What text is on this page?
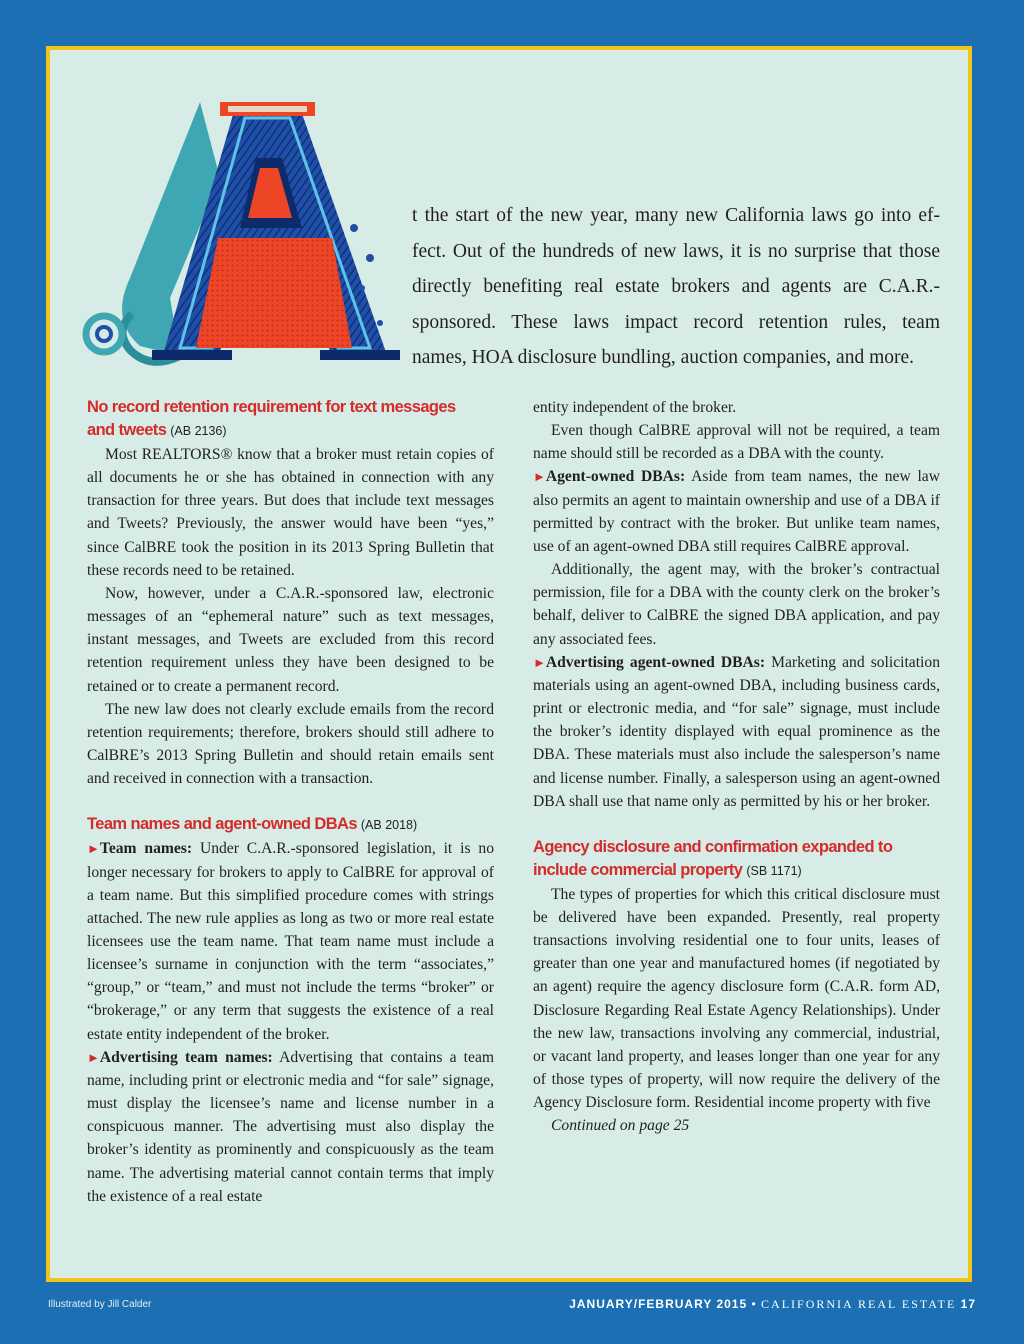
t the start of the new year, many new California laws go into ef-

fect. Out of the hundreds of new laws, it is no surprise that those

directly benefiting real estate brokers and agents are C.A.R.-

sponsored. These laws impact record retention rules, team

names, HOA disclosure bundling, auction companies, and more.

No record retention requirement for text messages
and tweets (AB 2136)

Most REALTORS® know that a broker must retain copies of all documents he or she has obtained in connection with any transaction for three years. But does that include text messages and Tweets? Previously, the answer would have been “yes,” since CalBRE took the position in its 2013 Spring Bulletin that these records need to be retained.

Now, however, under a C.A.R.-sponsored law, electronic messages of an “ephemeral nature” such as text messages, instant messages, and Tweets are excluded from this record retention requirement unless they have been designed to be retained or to create a permanent record.

The new law does not clearly exclude emails from the record retention requirements; therefore, brokers should still adhere to CalBRE’s 2013 Spring Bulletin and should retain emails sent and received in connection with a transaction.

Team names and agent-owned DBAs (AB 2018)

►Team names: Under C.A.R.-sponsored legislation, it is no longer necessary for brokers to apply to CalBRE for approval of a team name. But this simplified procedure comes with strings attached. The new rule applies as long as two or more real estate licensees use the team name. That team name must include a licensee’s surname in conjunction with the term “associates,” “group,” or “team,” and must not include the terms “broker” or “brokerage,” or any term that suggests the existence of a real estate entity independent of the broker.

►Advertising team names: Advertising that contains a team name, including print or electronic media and “for sale” signage, must display the licensee’s name and license number in a conspicuous manner. The advertising must also display the broker’s identity as prominently and conspicuously as the team name. The advertising material cannot contain terms that imply the existence of a real estate

entity independent of the broker.

Even though CalBRE approval will not be required, a team name should still be recorded as a DBA with the county.

►Agent-owned DBAs: Aside from team names, the new law also permits an agent to maintain ownership and use of a DBA if permitted by contract with the broker. But unlike team names, use of an agent-owned DBA still requires CalBRE approval.

Additionally, the agent may, with the broker’s contractual permission, file for a DBA with the county clerk on the broker’s behalf, deliver to CalBRE the signed DBA application, and pay any associated fees.

►Advertising agent-owned DBAs: Marketing and solicitation materials using an agent-owned DBA, including business cards, print or electronic media, and “for sale” signage, must include the broker’s identity displayed with equal prominence as the DBA. These materials must also include the salesperson’s name and license number. Finally, a salesperson using an agent-owned DBA shall use that name only as permitted by his or her broker.

Agency disclosure and confirmation expanded to
include commercial property (SB 1171)

The types of properties for which this critical disclosure must be delivered have been expanded. Presently, real property transactions involving residential one to four units, leases of greater than one year and manufactured homes (if negotiated by an agent) require the agency disclosure form (C.A.R. form AD, Disclosure Regarding Real Estate Agency Relationships). Under the new law, transactions involving any commercial, industrial, or vacant land property, and leases longer than one year for any of those types of property, will now require the delivery of the Agency Disclosure form. Residential income property with five

Continued on page 25

Illustrated by Jill Calder	JANUARY/FEBRUARY 2015 • CALIFORNIA REAL ESTATE 17
